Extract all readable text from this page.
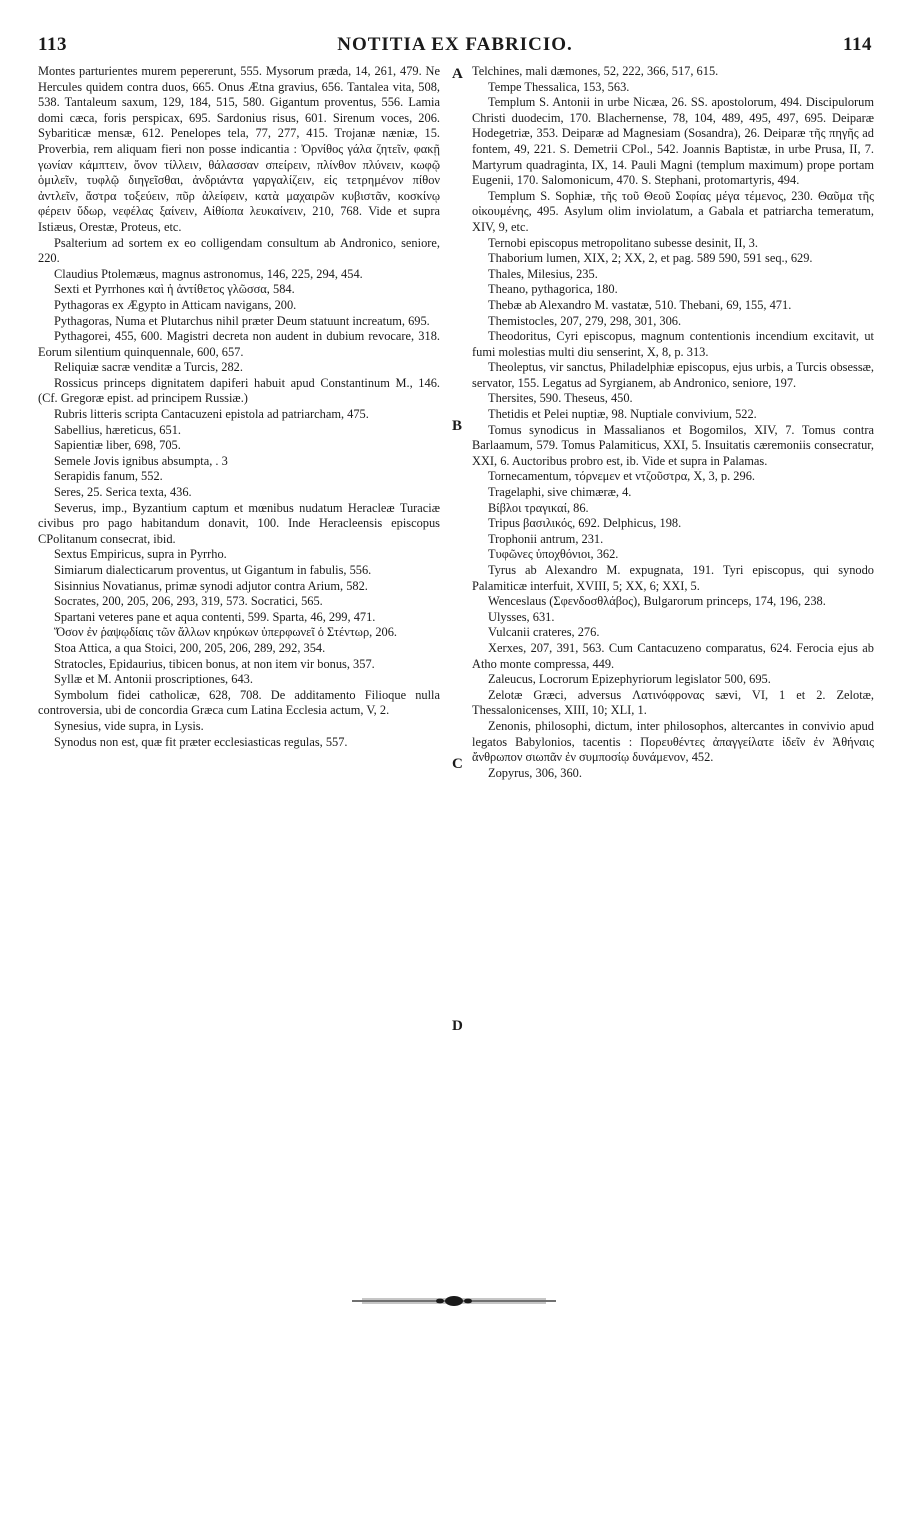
113	NOTITIA EX FABRICIO.	114

Montes parturientes murem pepererunt, 555. Mysorum præda, 14, 261, 479. Ne Hercules quidem contra duos, 665. Onus Ætna gravius, 656. Tantalea vita, 508, 538. Tantaleum saxum, 129, 184, 515, 580. Gigantum proventus, 556. Lamia domi cæca, foris perspicax, 695. Sardonius risus, 601. Sirenum voces, 206. Sybariticæ mensæ, 612. Penelopes tela, 77, 277, 415. Trojanæ næniæ, 15. Proverbia, rem aliquam fieri non posse indicantia : Ὀρνίθος γάλα ζητεῖν, φακῇ γωνίαν κάμπτειν, ὄνον τίλλειν, θάλασσαν σπείρειν, πλίνθον πλύνειν, κωφῷ ὁμιλεῖν, τυφλῷ διηγεῖσθαι, ἀνδριάντα γαργαλίζειν, εἰς τετρημένον πίθον ἀντλεῖν, ἄστρα τοξεύειν, πῦρ ἀλείφειν, κατὰ μαχαιρῶν κυβιστᾶν, κοσκίνῳ φέρειν ὕδωρ, νεφέλας ξαίνειν, Αἰθίοπα λευκαίνειν, 210, 768. Vide et supra Istiæus, Orestæ, Proteus, etc.

Psalterium ad sortem ex eo colligendam consultum ab Andronico, seniore, 220.

Claudius Ptolemæus, magnus astronomus, 146, 225, 294, 454.

Sexti et Pyrrhones καὶ ἡ ἀντίθετος γλῶσσα, 584.

Pythagoras ex Ægypto in Atticam navigans, 200.

Pythagoras, Numa et Plutarchus nihil præter Deum statuunt increatum, 695.

Pythagorei, 455, 600. Magistri decreta non audent in dubium revocare, 318. Eorum silentium quinquennale, 600, 657.

Reliquiæ sacræ venditæ a Turcis, 282.

Rossicus princeps dignitatem dapiferi habuit apud Constantinum M., 146. (Cf. Gregoræ epist. ad principem Russiæ.)

Rubris litteris scripta Cantacuzeni epistola ad patriarcham, 475.

Sabellius, hæreticus, 651.

Sapientiæ liber, 698, 705.

Semele Jovis ignibus absumpta, . 3

Serapidis fanum, 552.

Seres, 25. Serica texta, 436.

Severus, imp., Byzantium captum et mœnibus nudatum Heracleæ Turaciæ civibus pro pago habitandum donavit, 100. Inde Heracleensis episcopus CPolitanum consecrat, ibid.

Sextus Empiricus, supra in Pyrrho.

Simiarum dialecticarum proventus, ut Gigantum in fabulis, 556.

Sisinnius Novatianus, primæ synodi adjutor contra Arium, 582.

Socrates, 200, 205, 206, 293, 319, 573. Socratici, 565.

Spartani veteres pane et aqua contenti, 599. Sparta, 46, 299, 471.

Ὅσον ἐν ῥαψῳδίαις τῶν ἄλλων κηρύκων ὑπερφωνεῖ ὁ Στέντωρ, 206.

Stoa Attica, a qua Stoici, 200, 205, 206, 289, 292, 354.

Stratocles, Epidaurius, tibicen bonus, at non item vir bonus, 357.

Syllæ et M. Antonii proscriptiones, 643.

Symbolum fidei catholicæ, 628, 708. De additamento Filioque nulla controversia, ubi de concordia Græca cum Latina Ecclesia actum, V, 2.

Synesius, vide supra, in Lysis.

Synodus non est, quæ fit præter ecclesiasticas regulas, 557.

Telchines, mali dæmones, 52, 222, 366, 517, 615.

Tempe Thessalica, 153, 563.

Templum S. Antonii in urbe Nicæa, 26. SS. apostolorum, 494. Discipulorum Christi duodecim, 170. Blachernense, 78, 104, 489, 495, 497, 695. Deiparæ Hodegetriæ, 353. Deiparæ ad Magnesiam (Sosandra), 26. Deiparæ τῆς πηγῆς ad fontem, 49, 221. S. Demetrii CPol., 542. Joannis Baptistæ, in urbe Prusa, II, 7. Martyrum quadraginta, IX, 14. Pauli Magni (templum maximum) prope portam Eugenii, 170. Salomonicum, 470. S. Stephani, protomartyris, 494.

Templum S. Sophiæ, τῆς τοῦ Θεοῦ Σοφίας μέγα τέμενος, 230. Θαῦμα τῆς οἰκουμένης, 495. Asylum olim inviolatum, a Gabala et patriarcha temeratum, XIV, 9, etc.

Ternobi episcopus metropolitano subesse desinit, II, 3.

Thaborium lumen, XIX, 2; XX, 2, et pag. 589 590, 591 seq., 629.

Thales, Milesius, 235.

Theano, pythagorica, 180.

Thebæ ab Alexandro M. vastatæ, 510. Thebani, 69, 155, 471.

Themistocles, 207, 279, 298, 301, 306.

Theodoritus, Cyri episcopus, magnum contentionis incendium excitavit, ut fumi molestias multi diu senserint, X, 8, p. 313.

Theoleptus, vir sanctus, Philadelphiæ episcopus, ejus urbis, a Turcis obsessæ, servator, 155. Legatus ad Syrgianem, ab Andronico, seniore, 197.

Thersites, 590. Theseus, 450.

Thetidis et Pelei nuptiæ, 98. Nuptiale convivium, 522.

Tomus synodicus in Massalianos et Bogomilos, XIV, 7. Tomus contra Barlaamum, 579. Tomus Palamiticus, XXI, 5. Insuitatis cæremoniis consecratur, XXI, 6. Auctoribus probro est, ib. Vide et supra in Palamas.

Tornecamentum, τόρνεμεν et ντζοῦστρα, X, 3, p. 296.

Tragelaphi, sive chimæræ, 4.

Βίβλοι τραγικαί, 86.

Tripus βασιλικός, 692. Delphicus, 198.

Trophonii antrum, 231.

Τυφῶνες ὑποχθόνιοι, 362.

Tyrus ab Alexandro M. expugnata, 191. Tyri episcopus, qui synodo Palamiticæ interfuit, XVIII, 5; XX, 6; XXI, 5.

Wenceslaus (Σφενδοσθλάβος), Bulgarorum princeps, 174, 196, 238.

Ulysses, 631.

Vulcanii crateres, 276.

Xerxes, 207, 391, 563. Cum Cantacuzeno comparatus, 624. Ferocia ejus ab Atho monte compressa, 449.

Zaleucus, Locrorum Epizephyriorum legislator 500, 695.

Zelotæ Græci, adversus Λατινόφρονας sævi, VI, 1 et 2. Zelotæ, Thessalonicenses, XIII, 10; XLI, 1.

Zenonis, philosophi, dictum, inter philosophos, altercantes in convivio apud legatos Babylonios, tacentis : Πορευθέντες ἀπαγγείλατε ἰδεῖν ἐν Ἀθήναις ἄνθρωπον σιωπᾶν ἐν συμποσίῳ δυνάμενον, 452.

Zopyrus, 306, 360.

A
B
C
D
